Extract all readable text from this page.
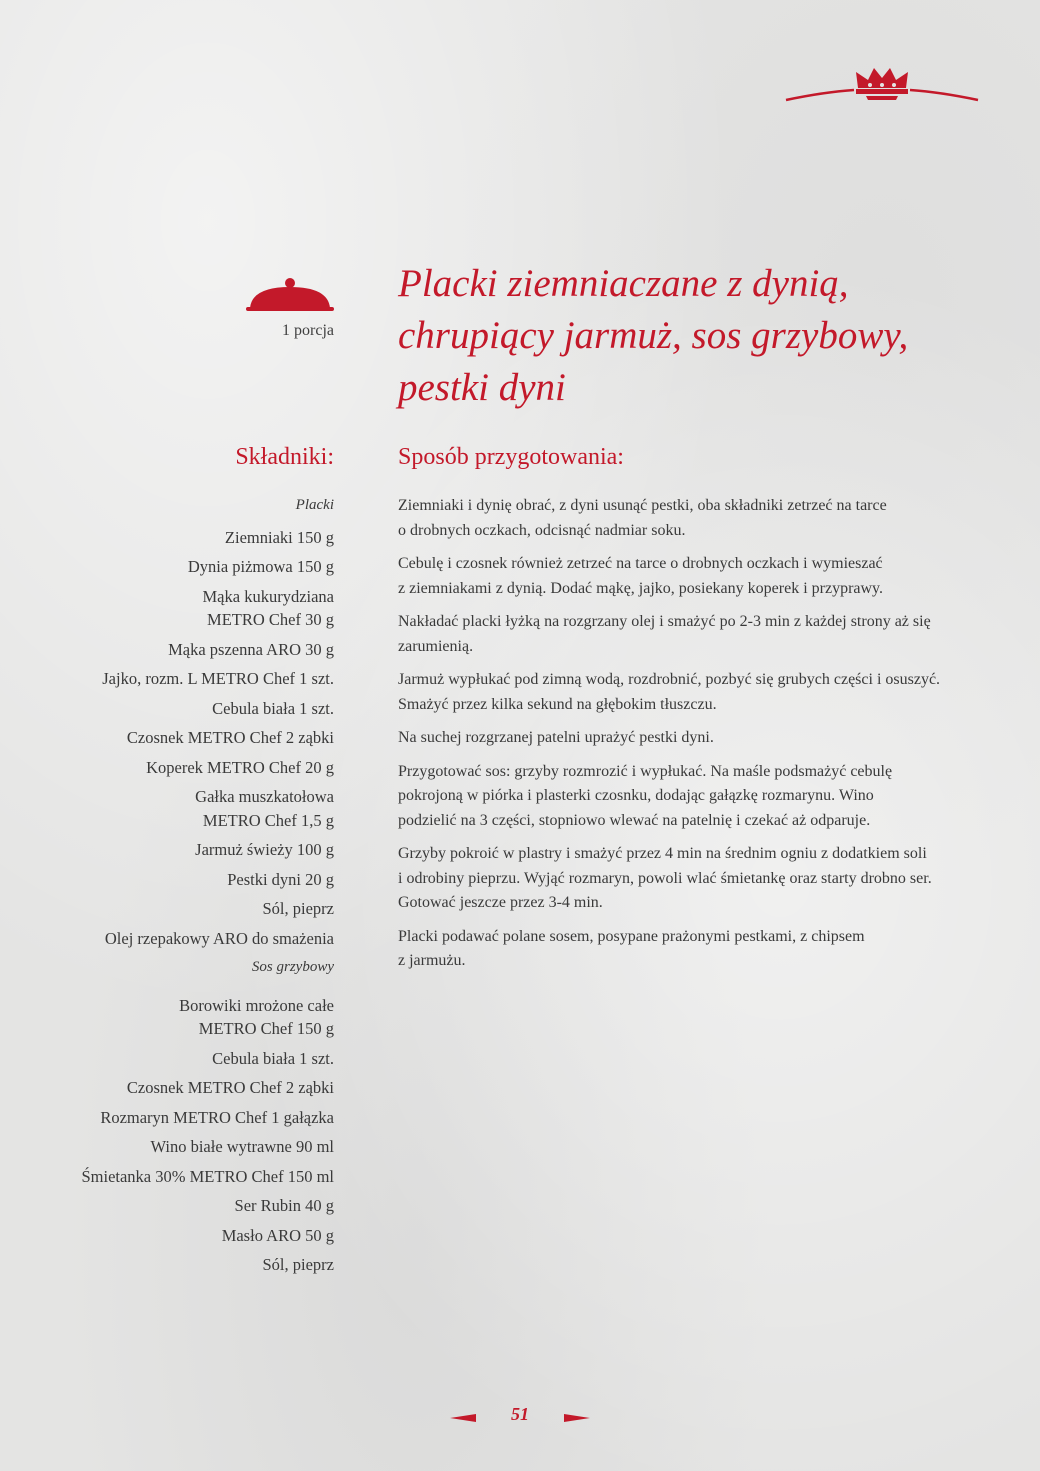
1 porcja
Placki ziemniaczane z dynią,
chrupiący jarmuż, sos grzybowy,
pestki dyni
Składniki:	Sposób przygotowania:
Placki
Ziemniaki 150 g
Dynia piżmowa 150 g
Mąka kukurydziana
METRO Chef 30 g
Mąka pszenna ARO 30 g
Jajko, rozm. L METRO Chef 1 szt.
Cebula biała 1 szt.
Czosnek METRO Chef 2 ząbki
Koperek METRO Chef 20 g
Gałka muszkatołowa
METRO Chef 1,5 g
Jarmuż świeży 100 g
Pestki dyni 20 g
Sól, pieprz
Olej rzepakowy ARO do smażenia
Sos grzybowy
Borowiki mrożone całe
METRO Chef 150 g
Cebula biała 1 szt.
Czosnek METRO Chef 2 ząbki
Rozmaryn METRO Chef 1 gałązka
Wino białe wytrawne 90 ml
Śmietanka 30% METRO Chef 150 ml
Ser Rubin 40 g
Masło ARO 50 g
Sól, pieprz
Ziemniaki i dynię obrać, z dyni usunąć pestki, oba składniki zetrzeć na tarce
o drobnych oczkach, odcisnąć nadmiar soku.
Cebulę i czosnek również zetrzeć na tarce o drobnych oczkach i wymieszać
z ziemniakami z dynią. Dodać mąkę, jajko, posiekany koperek i przyprawy.
Nakładać placki łyżką na rozgrzany olej i smażyć po 2-3 min z każdej strony aż się
zarumienią.
Jarmuż wypłukać pod zimną wodą, rozdrobnić, pozbyć się grubych części i osuszyć.
Smażyć przez kilka sekund na głębokim tłuszczu.
Na suchej rozgrzanej patelni uprażyć pestki dyni.
Przygotować sos: grzyby rozmrozić i wypłukać. Na maśle podsmażyć cebulę
pokrojoną w piórka i plasterki czosnku, dodając gałązkę rozmarynu. Wino
podzielić na 3 części, stopniowo wlewać na patelnię i czekać aż odparuje.
Grzyby pokroić w plastry i smażyć przez 4 min na średnim ogniu z dodatkiem soli
i odrobiny pieprzu. Wyjąć rozmaryn, powoli wlać śmietankę oraz starty drobno ser.
Gotować jeszcze przez 3-4 min.
Placki podawać polane sosem, posypane prażonymi pestkami, z chipsem
z jarmużu.
51
